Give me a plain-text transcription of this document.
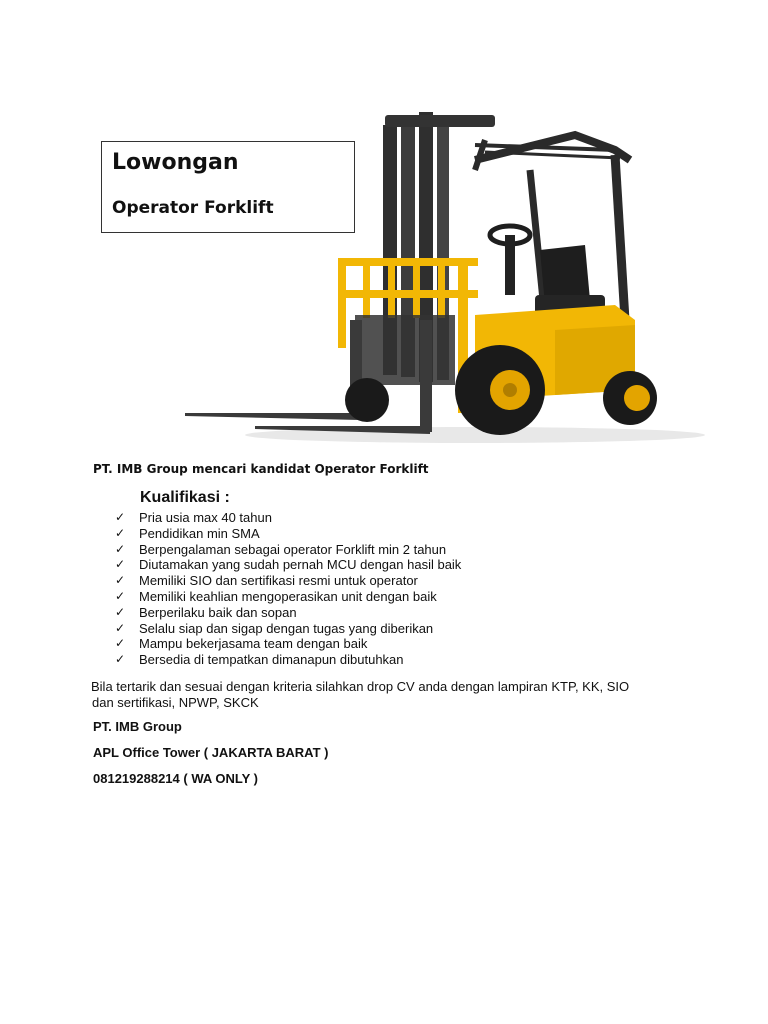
Lowongan
Operator Forklift
PT. IMB Group mencari kandidat Operator Forklift
Kualifikasi :
✓ Pria usia max 40 tahun
✓ Pendidikan min SMA
✓ Berpengalaman sebagai operator Forklift min 2 tahun
✓ Diutamakan yang sudah pernah MCU dengan hasil baik
✓ Memiliki SIO dan sertifikasi resmi untuk operator
✓ Memiliki keahlian mengoperasikan unit dengan baik
✓ Berperilaku baik dan sopan
✓ Selalu siap dan sigap dengan tugas yang diberikan
✓ Mampu bekerjasama team dengan baik
✓ Bersedia di tempatkan dimanapun dibutuhkan
Bila tertarik dan sesuai dengan kriteria silahkan drop CV anda dengan lampiran KTP, KK, SIO
dan sertifikasi, NPWP, SKCK
PT. IMB Group
APL Office Tower ( JAKARTA BARAT )
081219288214 ( WA ONLY )
